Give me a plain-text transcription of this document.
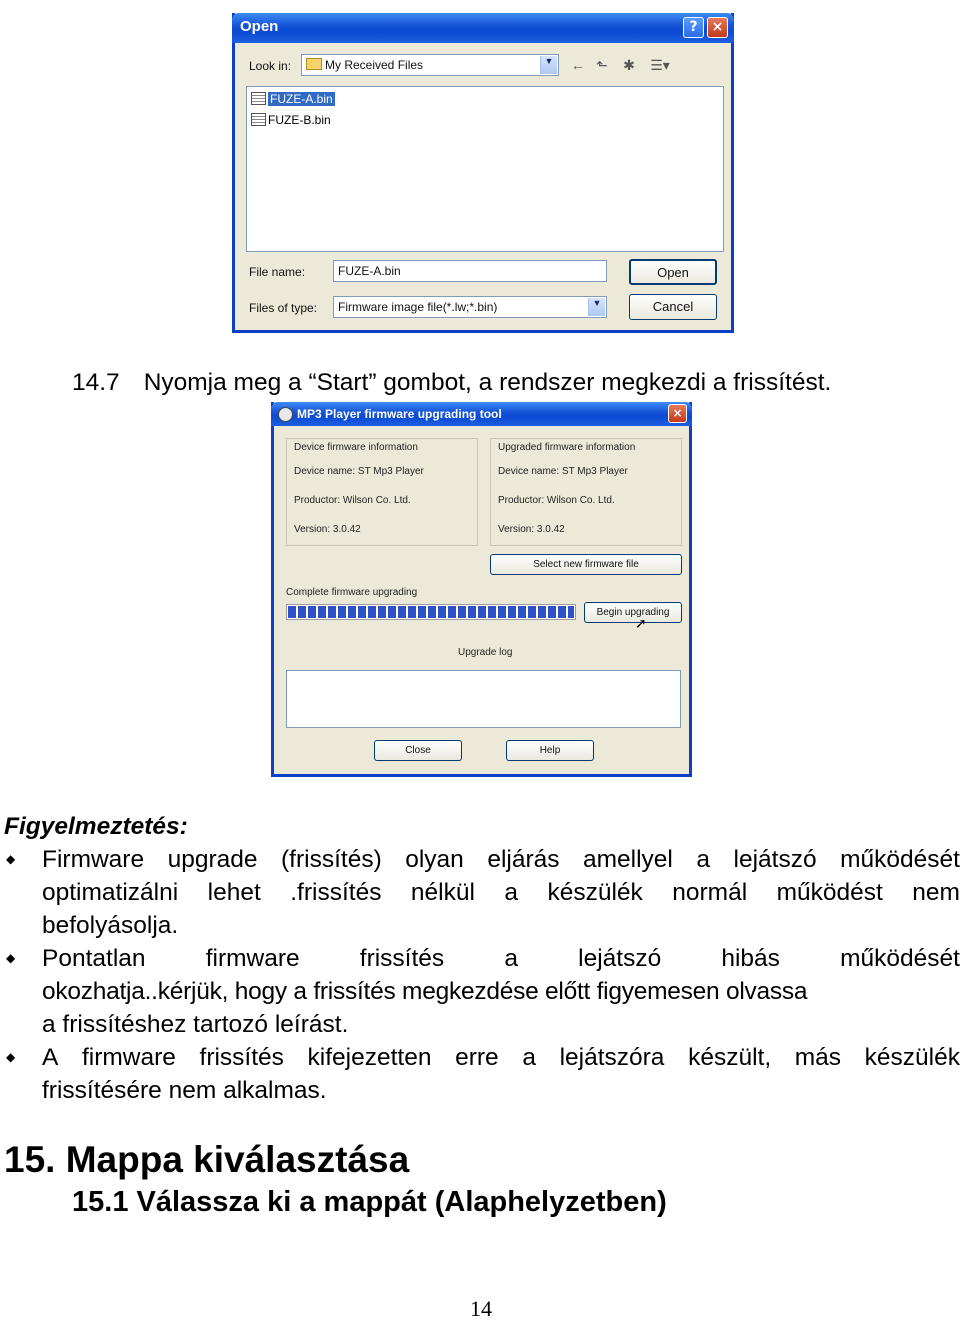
Open	?	×
Look in:	My Received Files	▼ ← ⬑ ✱ ☰▾
FUZE-A.bin
FUZE-B.bin
File name:	FUZE-A.bin	Open
Files of type:	Firmware image file(*.lw;*.bin)	▼	Cancel
14.7 Nyomja meg a “Start” gombot, a rendszer megkezdi a frissítést.
MP3 Player firmware upgrading tool	×
Device firmware information
Device name: ST Mp3 Player
Productor: Wilson Co. Ltd.
Version: 3.0.42
Upgraded firmware information
Device name: ST Mp3 Player
Productor: Wilson Co. Ltd.
Version: 3.0.42
Select new firmware file
Complete firmware upgrading
Begin upgrading
➚
Upgrade log
Close	Help
Figyelmeztetés:
◆ Firmware upgrade (frissítés) olyan eljárás amellyel a lejátszó működését
optimatizálni lehet .frissítés nélkül a készülék normál működést nem
befolyásolja.
◆ Pontatlan firmware frissítés a lejátszó hibás működését
okozhatja..kérjük, hogy a frissítés megkezdése előtt figyemesen olvassa
a frissítéshez tartozó leírást.
◆ A firmware frissítés kifejezetten erre a lejátszóra készült, más készülék
frissítésére nem alkalmas.
15. Mappa kiválasztása
15.1 Válassza ki a mappát (Alaphelyzetben)
14
